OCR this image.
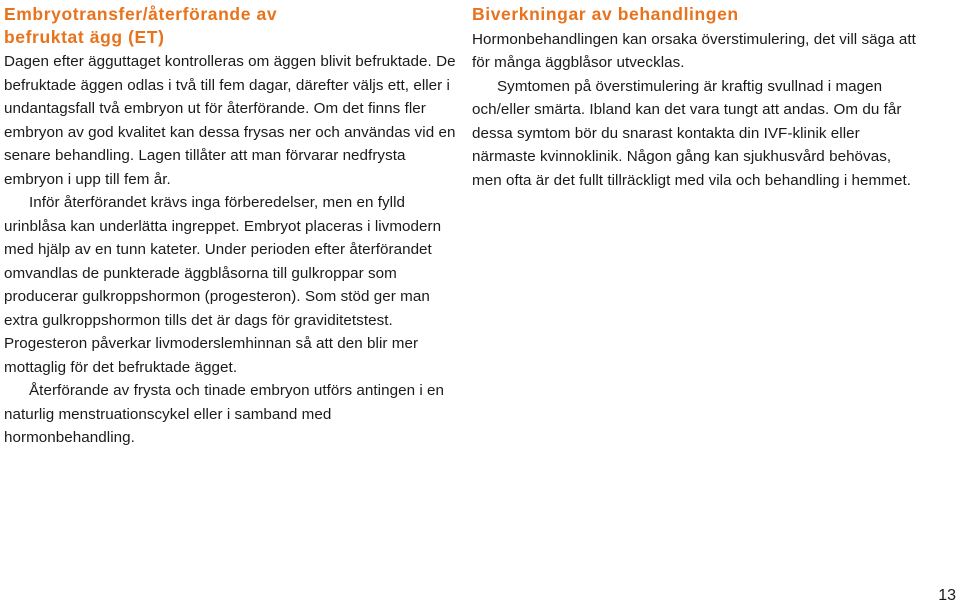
Embryotransfer/återförande av
befruktat ägg (ET)

Dagen efter ägguttaget kontrolleras om äggen blivit befruktade. De befruktade äggen odlas i två till fem dagar, därefter väljs ett, eller i undantagsfall två embryon ut för återförande. Om det finns fler embryon av god kvalitet kan dessa frysas ner och användas vid en senare behandling. Lagen tillåter att man förvarar nedfrysta embryon i upp till fem år.

Inför återförandet krävs inga förberedelser, men en fylld urinblåsa kan underlätta ingreppet. Embryot placeras i livmodern med hjälp av en tunn kateter. Under perioden efter återförandet omvandlas de punkterade äggblåsorna till gulkroppar som producerar gulkroppshormon (progesteron). Som stöd ger man extra gulkroppshormon tills det är dags för graviditetstest. Progesteron påverkar livmoderslemhinnan så att den blir mer mottaglig för det befruktade ägget.

Återförande av frysta och tinade embryon utförs antingen i en naturlig menstruationscykel eller i samband med hormonbehandling.

Biverkningar av behandlingen

Hormonbehandlingen kan orsaka överstimulering, det vill säga att för många äggblåsor utvecklas.

Symtomen på överstimulering är kraftig svullnad i magen och/eller smärta. Ibland kan det vara tungt att andas. Om du får dessa symtom bör du snarast kontakta din IVF-klinik eller närmaste kvinnoklinik. Någon gång kan sjukhusvård behövas, men ofta är det fullt tillräckligt med vila och behandling i hemmet.

13
